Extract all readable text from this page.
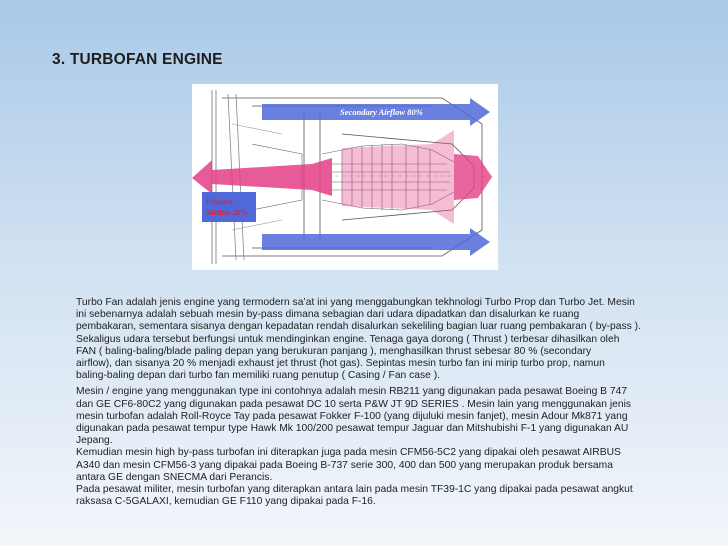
3. TURBOFAN ENGINE
Secondary Airflow 80%
Primary
Airflow 20%
Turbo Fan adalah jenis engine yang termodern sa’at ini yang menggabungkan tekhnologi Turbo Prop dan Turbo Jet. Mesin
ini sebenarnya adalah sebuah mesin by-pass dimana sebagian dari udara dipadatkan dan disalurkan ke ruang
pembakaran, sementara sisanya dengan kepadatan rendah disalurkan sekeliling bagian luar ruang pembakaran ( by-pass ).
Sekaligus udara tersebut berfungsi untuk mendinginkan engine. Tenaga gaya dorong ( Thrust ) terbesar dihasilkan oleh
FAN ( baling-baling/blade paling depan yang berukuran panjang ), menghasilkan thrust sebesar 80 % (secondary
airflow), dan sisanya 20 % menjadi exhaust jet thrust (hot gas). Sepintas mesin turbo fan ini mirip turbo prop, namun
baling-baling depan dari turbo fan memiliki ruang penutup ( Casing / Fan case ).
Mesin / engine yang menggunakan type ini contohnya adalah mesin RB211 yang digunakan pada pesawat Boeing B 747
dan GE CF6-80C2 yang digunakan pada pesawat DC 10 serta P&W JT 9D SERIES . Mesin lain yang menggunakan jenis
mesin turbofan adalah Roll-Royce Tay pada pesawat Fokker F-100 (yang dijuluki mesin fanjet), mesin Adour Mk871 yang
digunakan pada pesawat tempur type Hawk Mk 100/200 pesawat tempur Jaguar dan Mitshubishi F-1 yang digunakan AU
Jepang.
Kemudian mesin high by-pass turbofan ini diterapkan juga pada mesin CFM56-5C2 yang dipakai oleh pesawat AIRBUS
A340 dan mesin CFM56-3 yang dipakai pada Boeing B-737 serie 300, 400 dan 500 yang merupakan produk bersama
antara GE dengan SNECMA dari Perancis.
Pada pesawat militer, mesin turbofan yang diterapkan antara lain pada mesin TF39-1C yang dipakai pada pesawat angkut
raksasa C-5GALAXI, kemudian GE F110 yang dipakai pada F-16.
